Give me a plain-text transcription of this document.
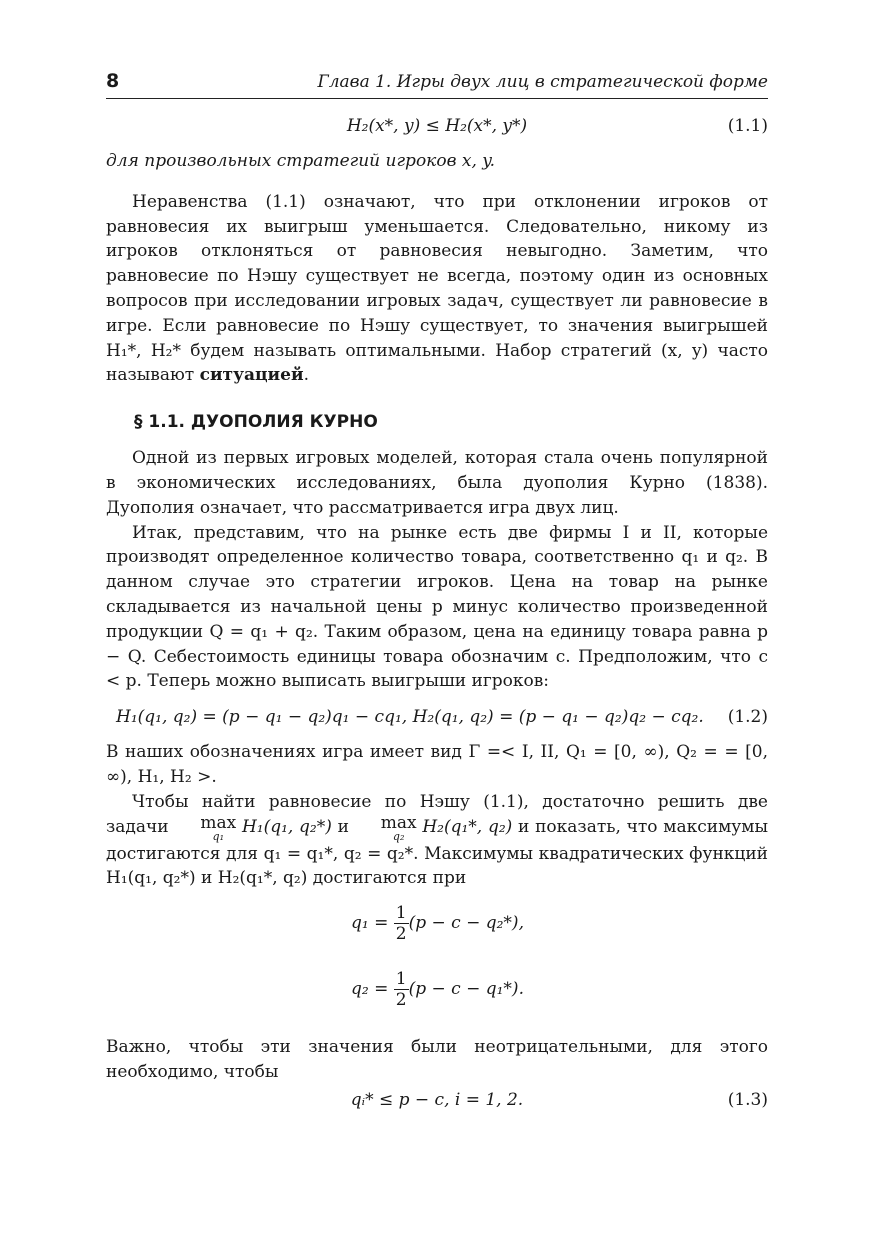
8	Глава 1. Игры двух лиц в стратегической форме
H₂(x*, y) ≤ H₂(x*, y*)	(1.1)

для произвольных стратегий игроков x, y.

Неравенства (1.1) означают, что при отклонении игроков от равновесия их выигрыш уменьшается. Следовательно, никому из игроков отклоняться от равновесия невыгодно. Заметим, что равновесие по Нэшу существует не всегда, поэтому один из основных вопросов при исследовании игровых задач, существует ли равновесие в игре. Если равновесие по Нэшу существует, то значения выигрышей H₁*, H₂* будем называть оптимальными. Набор стратегий (x, y) часто называют ситуацией.

§ 1.1. ДУОПОЛИЯ КУРНО

Одной из первых игровых моделей, которая стала очень популярной в экономических исследованиях, была дуополия Курно (1838). Дуополия означает, что рассматривается игра двух лиц.

Итак, представим, что на рынке есть две фирмы I и II, которые производят определенное количество товара, соответственно q₁ и q₂. В данном случае это стратегии игроков. Цена на товар на рынке складывается из начальной цены p минус количество произведенной продукции Q = q₁ + q₂. Таким образом, цена на единицу товара равна p − Q. Себестоимость единицы товара обозначим c. Предположим, что c < p. Теперь можно выписать выигрыши игроков:

H₁(q₁, q₂) = (p − q₁ − q₂)q₁ − cq₁, H₂(q₁, q₂) = (p − q₁ − q₂)q₂ − cq₂.	(1.2)

В наших обозначениях игра имеет вид Γ =< I, II, Q₁ = [0, ∞), Q₂ = = [0, ∞), H₁, H₂ >.

Чтобы найти равновесие по Нэшу (1.1), достаточно решить две задачи max
q₁	H₁(q₁, q₂*) и max
q₂	H₂(q₁*, q₂) и показать, что максимумы достигаются для q₁ = q₁*, q₂ = q₂*. Максимумы квадратических функций H₁(q₁, q₂*) и H₂(q₁*, q₂) достигаются при

$q_1 = \frac{1}{2} (p - c - q_2*)$,
$q_2 = \frac{1}{2} (p - c - q_1*)$.

Важно, чтобы эти значения были неотрицательными, для этого необходимо, чтобы

qᵢ* ≤ p − c, i = 1, 2.	(1.3)
